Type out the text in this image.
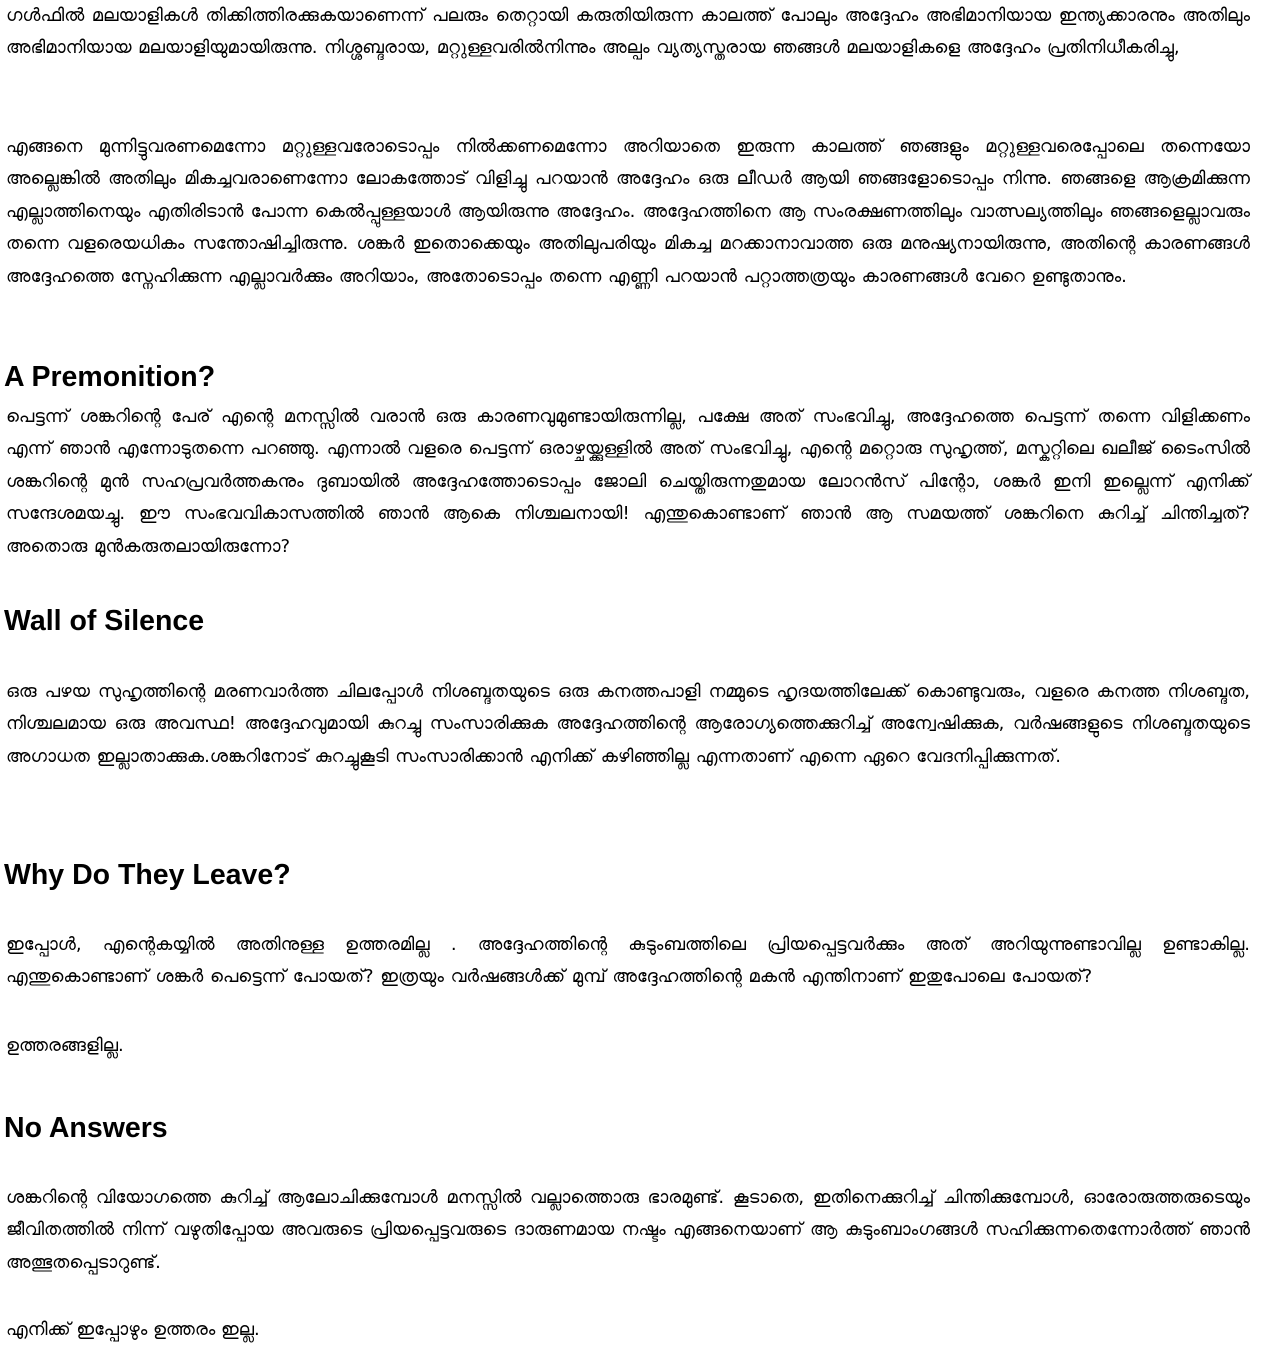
ഗൾഫിൽ മലയാളികൾ തിക്കിത്തിരക്കുകയാണെന്ന് പലരും തെറ്റായി കരുതിയിരുന്ന കാലത്ത് പോലും അദ്ദേഹം അഭിമാനിയായ ഇന്ത്യക്കാരനും അതിലും അഭിമാനിയായ മലയാളിയുമായിരുന്നു. നിശ്ശബ്ദരായ, മറ്റുള്ളവരിൽനിന്നും അല്പം വ്യത്യസ്തരായ ഞങ്ങൾ മലയാളികളെ അദ്ദേഹം പ്രതിനിധീകരിച്ചു,

എങ്ങനെ മുന്നിട്ടുവരണമെന്നോ മറ്റുള്ളവരോടൊപ്പം നിൽക്കണമെന്നോ അറിയാതെ ഇരുന്ന കാലത്ത് ഞങ്ങളും മറ്റുള്ളവരെപ്പോലെ തന്നെയോ അല്ലെങ്കിൽ അതിലും മികച്ചവരാണെന്നോ ലോകത്തോട് വിളിച്ചു പറയാൻ അദ്ദേഹം ഒരു ലീഡർ ആയി ഞങ്ങളോടൊപ്പം നിന്നു. ഞങ്ങളെ ആക്രമിക്കുന്ന എല്ലാത്തിനെയും എതിരിടാൻ പോന്ന കെൽപ്പുള്ളയാൾ ആയിരുന്നു അദ്ദേഹം. അദ്ദേഹത്തിനെ ആ സംരക്ഷണത്തിലും വാത്സല്യത്തിലും ഞങ്ങളെല്ലാവരും തന്നെ വളരെയധികം സന്തോഷിച്ചിരുന്നു. ശങ്കർ ഇതൊക്കെയും അതിലുപരിയും മികച്ച മറക്കാനാവാത്ത ഒരു മനുഷ്യനായിരുന്നു, അതിന്റെ കാരണങ്ങൾ അദ്ദേഹത്തെ സ്നേഹിക്കുന്ന എല്ലാവർക്കും അറിയാം, അതോടൊപ്പം തന്നെ എണ്ണി പറയാൻ പറ്റാത്തത്രയും കാരണങ്ങൾ വേറെ ഉണ്ടുതാനും.

A Premonition?

പെട്ടന്ന് ശങ്കറിന്റെ പേര് എന്റെ മനസ്സിൽ വരാൻ ഒരു കാരണവുമുണ്ടായിരുന്നില്ല, പക്ഷേ അത് സംഭവിച്ചു, അദ്ദേഹത്തെ പെട്ടന്ന് തന്നെ വിളിക്കണം എന്ന് ഞാൻ എന്നോടുതന്നെ പറഞ്ഞു. എന്നാൽ വളരെ പെട്ടന്ന് ഒരാഴ്ചയ്ക്കുള്ളിൽ അത് സംഭവിച്ചു, എന്റെ മറ്റൊരു സുഹൃത്ത്, മസ്കറ്റിലെ ഖലീജ് ടൈംസിൽ ശങ്കറിന്റെ മുൻ സഹപ്രവർത്തകനും ദുബായിൽ അദ്ദേഹത്തോടൊപ്പം ജോലി ചെയ്തിരുന്നതുമായ ലോറൻസ് പിന്റോ, ശങ്കർ ഇനി ഇല്ലെന്ന് എനിക്ക് സന്ദേശമയച്ചു. ഈ സംഭവവികാസത്തിൽ ഞാൻ ആകെ നിശ്ചലനായി! എന്തുകൊണ്ടാണ് ഞാൻ ആ സമയത്ത് ശങ്കറിനെ കുറിച്ച് ചിന്തിച്ചത്? അതൊരു മുൻകരുതലായിരുന്നോ?

Wall of Silence

ഒരു പഴയ സുഹൃത്തിന്റെ മരണവാർത്ത ചിലപ്പോൾ നിശബ്ദതയുടെ ഒരു കനത്തപാളി നമ്മുടെ ഹൃദയത്തിലേക്ക് കൊണ്ടുവരും, വളരെ കനത്ത നിശബ്ദത, നിശ്ചലമായ ഒരു അവസ്ഥ! അദ്ദേഹവുമായി കുറച്ചു സംസാരിക്കുക അദ്ദേഹത്തിന്റെ ആരോഗ്യത്തെക്കുറിച്ച് അന്വേഷിക്കുക, വർഷങ്ങളുടെ നിശബ്ദതയുടെ അഗാധത ഇല്ലാതാക്കുക.ശങ്കറിനോട് കുറച്ചുകൂടി സംസാരിക്കാൻ എനിക്ക് കഴിഞ്ഞില്ല എന്നതാണ് എന്നെ ഏറെ വേദനിപ്പിക്കുന്നത്.

Why Do They Leave?

ഇപ്പോൾ, എന്റെകയ്യിൽ അതിനുള്ള ഉത്തരമില്ല . അദ്ദേഹത്തിന്റെ കുടുംബത്തിലെ പ്രിയപ്പെട്ടവർക്കും അത് അറിയുന്നുണ്ടാവില്ല ഉണ്ടാകില്ല. എന്തുകൊണ്ടാണ് ശങ്കർ പെട്ടെന്ന് പോയത്? ഇത്രയും വർഷങ്ങൾക്ക് മുമ്പ് അദ്ദേഹത്തിന്റെ മകൻ എന്തിനാണ് ഇതുപോലെ പോയത്?

ഉത്തരങ്ങളില്ല.

No Answers

ശങ്കറിന്റെ വിയോഗത്തെ കുറിച്ച് ആലോചിക്കുമ്പോൾ മനസ്സിൽ വല്ലാത്തൊരു ഭാരമുണ്ട്. കൂടാതെ, ഇതിനെക്കുറിച്ച് ചിന്തിക്കുമ്പോൾ, ഓരോരുത്തരുടെയും ജീവിതത്തിൽ നിന്ന് വഴുതിപ്പോയ അവരുടെ പ്രിയപ്പെട്ടവരുടെ ദാരുണമായ നഷ്ടം എങ്ങനെയാണ് ആ കുടുംബാംഗങ്ങൾ സഹിക്കുന്നതെന്നോർത്ത് ഞാൻ അത്ഭുതപ്പെടാറുണ്ട്.

എനിക്ക് ഇപ്പോഴും ഉത്തരം ഇല്ല.
